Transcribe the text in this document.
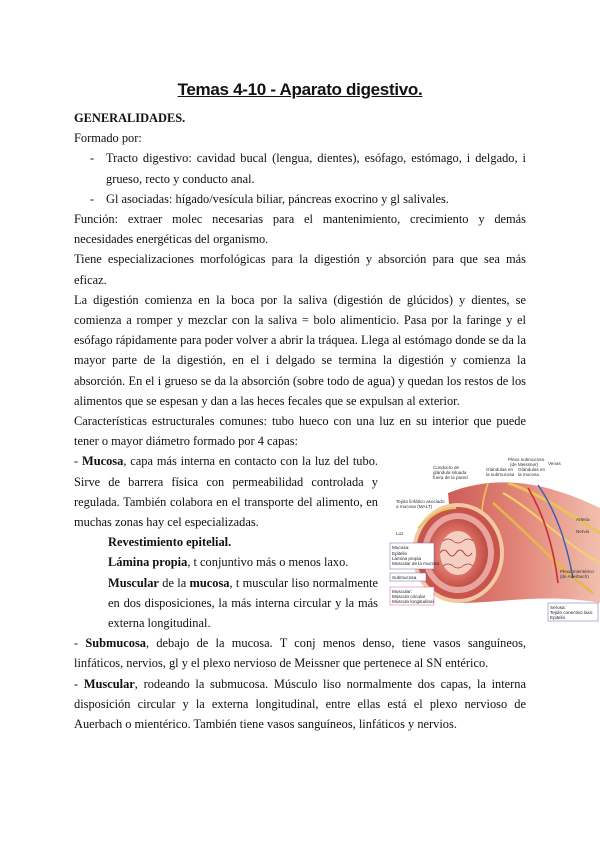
Temas 4-10 - Aparato digestivo.

GENERALIDADES.

Formado por:

- Tracto digestivo: cavidad bucal (lengua, dientes), esófago, estómago, i delgado, i grueso, recto y conducto anal.
- Gl asociadas: hígado/vesícula biliar, páncreas exocrino y gl salivales.

Función: extraer molec necesarias para el mantenimiento, crecimiento y demás necesidades energéticas del organismo.

Tiene especializaciones morfológicas para la digestión y absorción para que sea más eficaz.

La digestión comienza en la boca por la saliva (digestión de glúcidos) y dientes, se comienza a romper y mezclar con la saliva = bolo alimenticio. Pasa por la faringe y el esófago rápidamente para poder volver a abrir la tráquea. Llega al estómago donde se da la mayor parte de la digestión, en el i delgado se termina la digestión y comienza la absorción. En el i grueso se da la absorción (sobre todo de agua) y quedan los restos de los alimentos que se espesan y dan a las heces fecales que se expulsan al exterior.

Características estructurales comunes: tubo hueco con una luz en su interior que puede tener o mayor diámetro formado por 4 capas:

Plexo submucoso
(de Meissner)
Conducto de
glándula situada
fuera de la pared
Venas
Glándulas en
la submucosa
Glándulas en
la mucosa
Tejido linfático asociado
a mucosa (MALT)
Arteria
Nervio
Luz
Mucosa:
Epitelio
Lámina propia
Muscular de la mucosa
Submucosa
Muscular:
Músculo circular
Músculo longitudinal
Plexo mientérico
(de Auerbach)
Serosa:
Tejido conectivo laxo
Epitelio

- Mucosa, capa más interna en contacto con la luz del tubo. Sirve de barrera física con permeabilidad controlada y regulada. También colabora en el transporte del alimento, en muchas zonas hay cel especializadas.

Revestimiento epitelial.

Lámina propia, t conjuntivo más o menos laxo.

Muscular de la mucosa, t muscular liso normalmente en dos disposiciones, la más interna circular y la más externa longitudinal.

- Submucosa, debajo de la mucosa. T conj menos denso, tiene vasos sanguíneos, linfáticos, nervios, gl y el plexo nervioso de Meissner que pertenece al SN entérico.

- Muscular, rodeando la submucosa. Músculo liso normalmente dos capas, la interna disposición circular y la externa longitudinal, entre ellas está el plexo nervioso de Auerbach o mientérico. También tiene vasos sanguíneos, linfáticos y nervios.
